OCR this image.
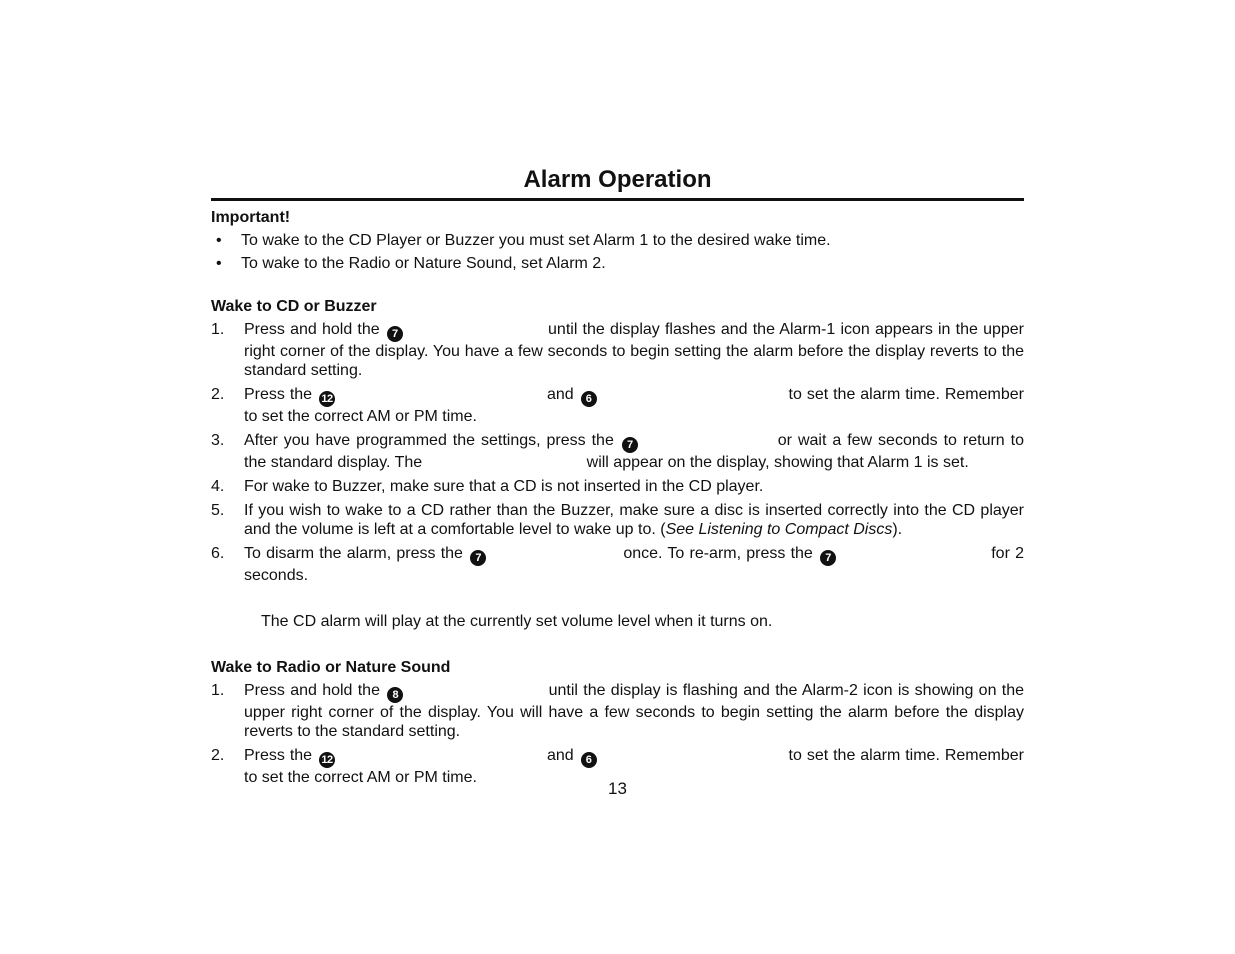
Alarm Operation

Important!

• To wake to the CD Player or Buzzer you must set Alarm 1 to the desired wake time.
• To wake to the Radio or Nature Sound, set Alarm 2.

Wake to CD or Buzzer

1. Press and hold the 7	until the display flashes and the Alarm-1 icon appears in the upper right corner of the display. You have a few seconds to begin setting the alarm before the display reverts to the standard setting.
2. Press the 12	and 6	to set the alarm time. Remember to set the correct AM or PM time.
3. After you have programmed the settings, press the 7	or wait a few seconds to return to the standard display. The	will appear on the display, showing that Alarm 1 is set.
4. For wake to Buzzer, make sure that a CD is not inserted in the CD player.
5. If you wish to wake to a CD rather than the Buzzer, make sure a disc is inserted correctly into the CD player and the volume is left at a comfortable level to wake up to. (See Listening to Compact Discs).
6. To disarm the alarm, press the 7	once. To re-arm, press the 7	for 2 seconds.

The CD alarm will play at the currently set volume level when it turns on.

Wake to Radio or Nature Sound

1. Press and hold the 8	until the display is flashing and the Alarm-2 icon is showing on the upper right corner of the display. You will have a few seconds to begin setting the alarm before the display reverts to the standard setting.
2. Press the 12	and 6	to set the alarm time. Remember to set the correct AM or PM time.
13
